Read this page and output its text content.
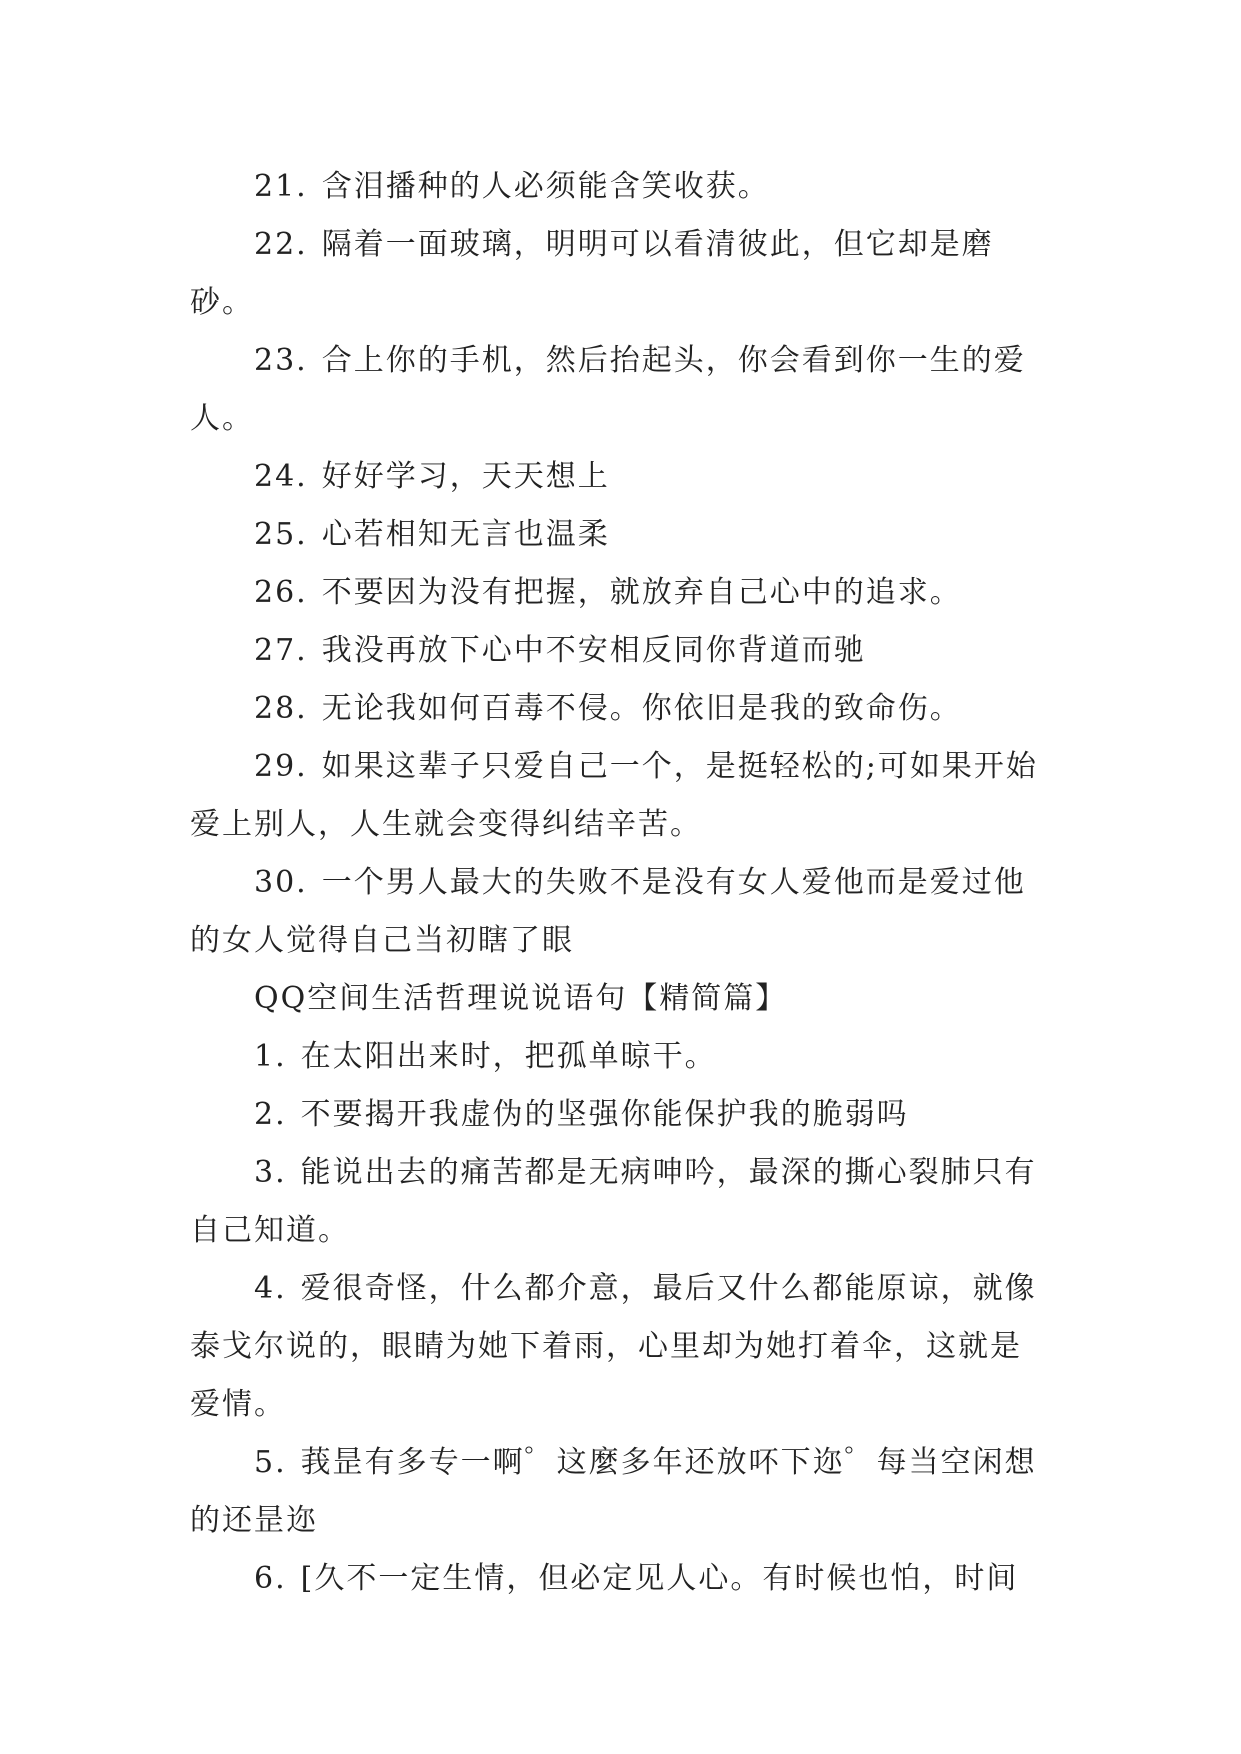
21. 含泪播种的人必须能含笑收获。

22. 隔着一面玻璃，明明可以看清彼此，但它却是磨砂。

23. 合上你的手机，然后抬起头，你会看到你一生的爱人。

24. 好好学习，天天想上

25. 心若相知无言也温柔

26. 不要因为没有把握，就放弃自己心中的追求。

27. 我没再放下心中不安相反同你背道而驰

28. 无论我如何百毒不侵。你依旧是我的致命伤。

29. 如果这辈子只爱自己一个，是挺轻松的;可如果开始爱上别人，人生就会变得纠结辛苦。

30. 一个男人最大的失败不是没有女人爱他而是爱过他的女人觉得自己当初瞎了眼

QQ空间生活哲理说说语句【精简篇】

1. 在太阳出来时，把孤单晾干。

2. 不要揭开我虚伪的坚强你能保护我的脆弱吗

3. 能说出去的痛苦都是无病呻吟，最深的撕心裂肺只有自己知道。

4. 爱很奇怪，什么都介意，最后又什么都能原谅，就像泰戈尔说的，眼睛为她下着雨，心里却为她打着伞，这就是爱情。

5. 莪昰有多专一啊゜这麼多年还放吥下迩゜每当空闲想的还昰迩

6. [久不一定生情，但必定见人心。有时候也怕，时间
